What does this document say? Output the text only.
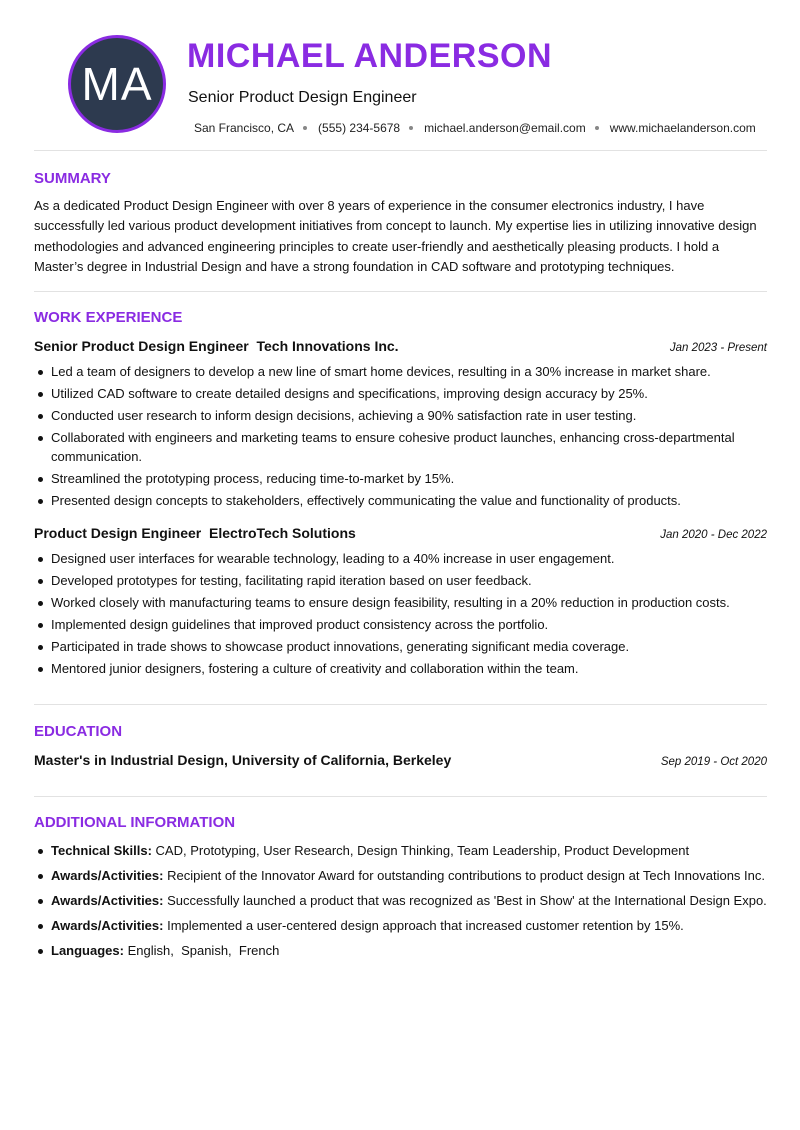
MA
MICHAEL ANDERSON
Senior Product Design Engineer
San Francisco, CA (555) 234-5678 michael.anderson@email.com www.michaelanderson.com
SUMMARY
As a dedicated Product Design Engineer with over 8 years of experience in the consumer electronics industry, I have successfully led various product development initiatives from concept to launch. My expertise lies in utilizing innovative design methodologies and advanced engineering principles to create user-friendly and aesthetically pleasing products. I hold a Master’s degree in Industrial Design and have a strong foundation in CAD software and prototyping techniques.
WORK EXPERIENCE
Senior Product Design Engineer Tech Innovations Inc.	Jan 2023 - Present
Led a team of designers to develop a new line of smart home devices, resulting in a 30% increase in market share.
Utilized CAD software to create detailed designs and specifications, improving design accuracy by 25%.
Conducted user research to inform design decisions, achieving a 90% satisfaction rate in user testing.
Collaborated with engineers and marketing teams to ensure cohesive product launches, enhancing cross-departmental communication.
Streamlined the prototyping process, reducing time-to-market by 15%.
Presented design concepts to stakeholders, effectively communicating the value and functionality of products.
Product Design Engineer ElectroTech Solutions	Jan 2020 - Dec 2022
Designed user interfaces for wearable technology, leading to a 40% increase in user engagement.
Developed prototypes for testing, facilitating rapid iteration based on user feedback.
Worked closely with manufacturing teams to ensure design feasibility, resulting in a 20% reduction in production costs.
Implemented design guidelines that improved product consistency across the portfolio.
Participated in trade shows to showcase product innovations, generating significant media coverage.
Mentored junior designers, fostering a culture of creativity and collaboration within the team.
EDUCATION
Master's in Industrial Design, University of California, Berkeley	Sep 2019 - Oct 2020
ADDITIONAL INFORMATION
Technical Skills: CAD, Prototyping, User Research, Design Thinking, Team Leadership, Product Development
Awards/Activities: Recipient of the Innovator Award for outstanding contributions to product design at Tech Innovations Inc.
Awards/Activities: Successfully launched a product that was recognized as 'Best in Show' at the International Design Expo.
Awards/Activities: Implemented a user-centered design approach that increased customer retention by 15%.
Languages: English,  Spanish,  French
